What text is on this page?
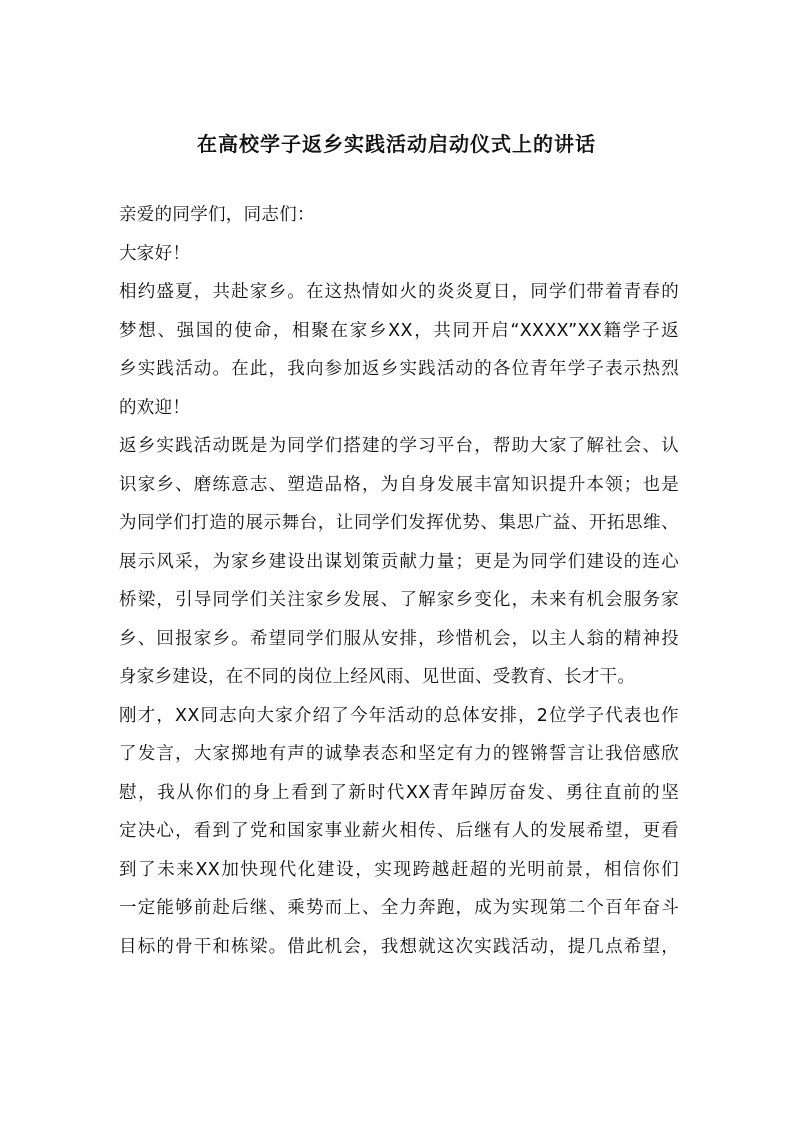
在高校学子返乡实践活动启动仪式上的讲话

亲爱的同学们，同志们：

大家好！

相约盛夏，共赴家乡。在这热情如火的炎炎夏日，同学们带着青春的
梦想、强国的使命，相聚在家乡XX，共同开启“XXXX”XX籍学子返
乡实践活动。在此，我向参加返乡实践活动的各位青年学子表示热烈
的欢迎！

返乡实践活动既是为同学们搭建的学习平台，帮助大家了解社会、认
识家乡、磨练意志、塑造品格，为自身发展丰富知识提升本领；也是
为同学们打造的展示舞台，让同学们发挥优势、集思广益、开拓思维、
展示风采，为家乡建设出谋划策贡献力量；更是为同学们建设的连心
桥梁，引导同学们关注家乡发展、了解家乡变化，未来有机会服务家
乡、回报家乡。希望同学们服从安排，珍惜机会，以主人翁的精神投
身家乡建设，在不同的岗位上经风雨、见世面、受教育、长才干。

刚才，XX同志向大家介绍了今年活动的总体安排，2位学子代表也作
了发言，大家掷地有声的诚挚表态和坚定有力的铿锵誓言让我倍感欣
慰，我从你们的身上看到了新时代XX青年踔厉奋发、勇往直前的坚
定决心，看到了党和国家事业薪火相传、后继有人的发展希望，更看
到了未来XX加快现代化建设，实现跨越赶超的光明前景，相信你们
一定能够前赴后继、乘势而上、全力奔跑，成为实现第二个百年奋斗
目标的骨干和栋梁。借此机会，我想就这次实践活动，提几点希望，
